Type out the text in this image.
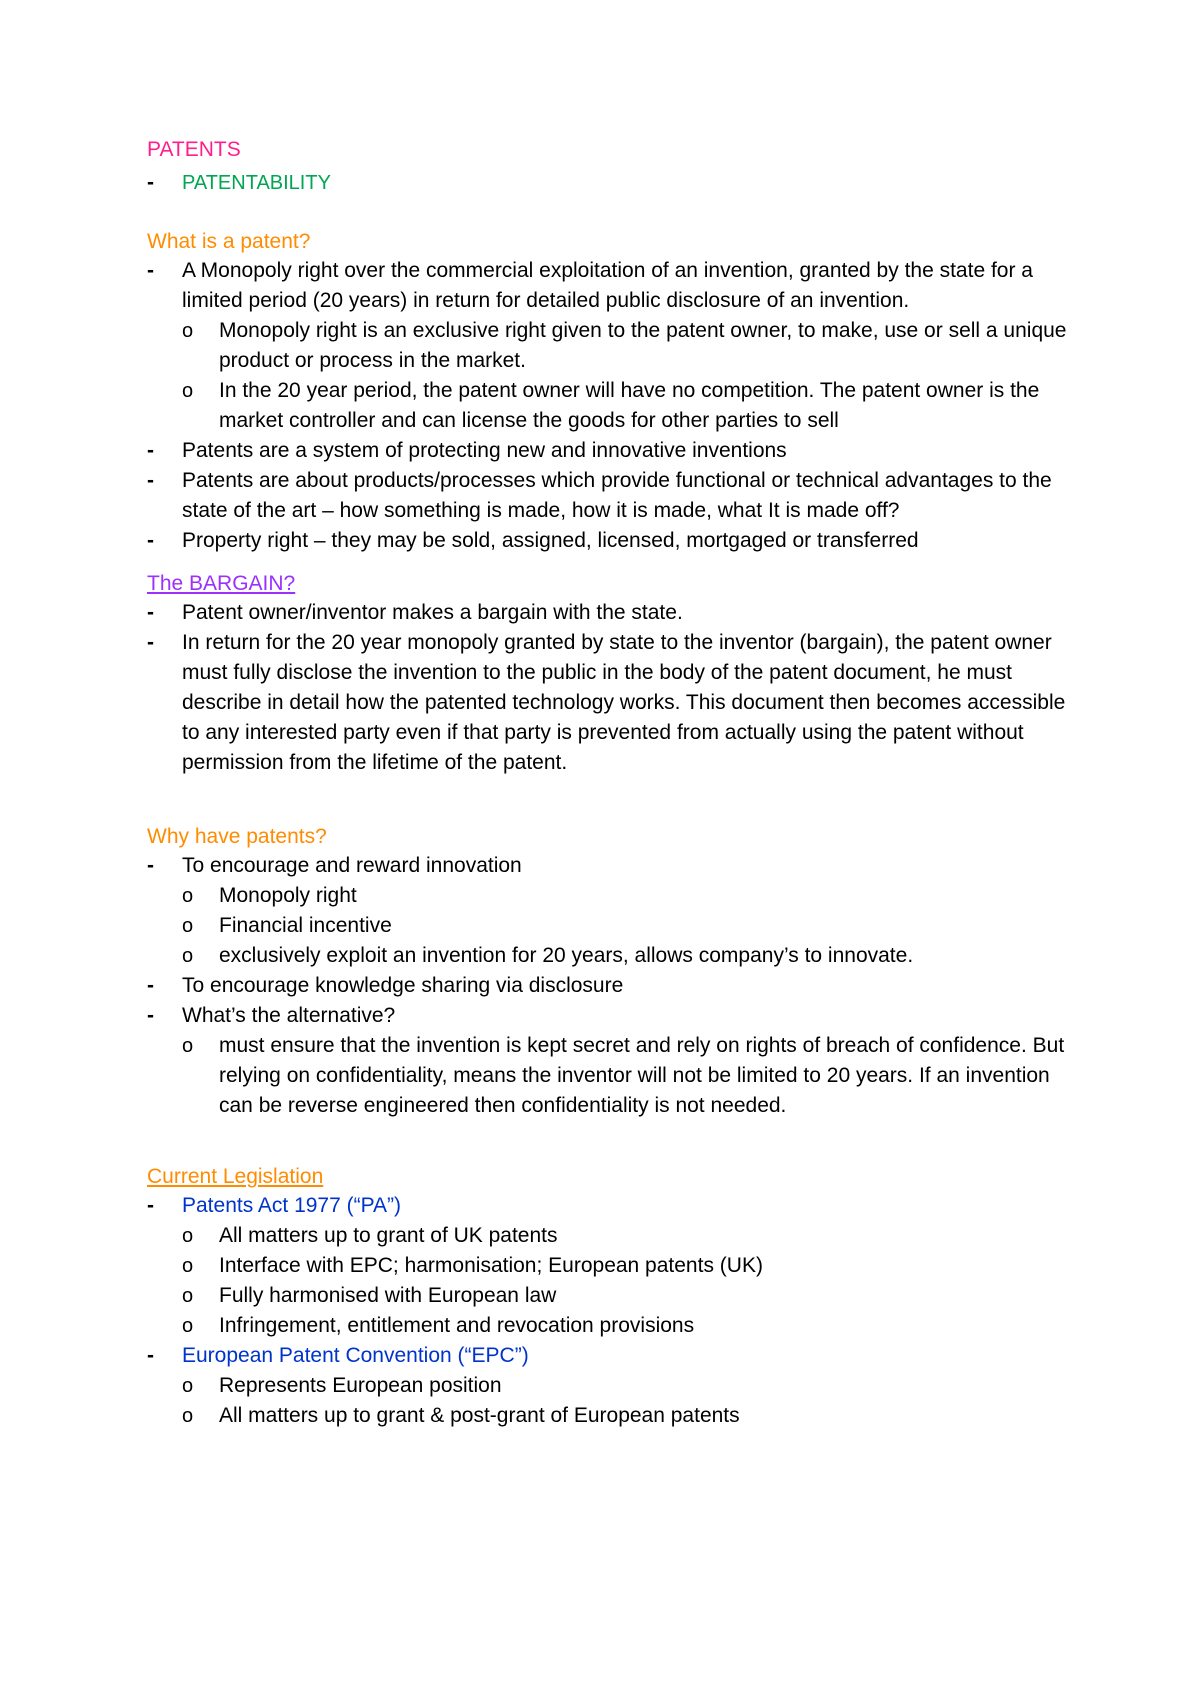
PATENTS
- PATENTABILITY
What is a patent?
- A Monopoly right over the commercial exploitation of an invention, granted by the state for a limited period (20 years) in return for detailed public disclosure of an invention.
o Monopoly right is an exclusive right given to the patent owner, to make, use or sell a unique product or process in the market.
o In the 20 year period, the patent owner will have no competition. The patent owner is the market controller and can license the goods for other parties to sell
- Patents are a system of protecting new and innovative inventions
- Patents are about products/processes which provide functional or technical advantages to the state of the art – how something is made, how it is made, what It is made off?
- Property right – they may be sold, assigned, licensed, mortgaged or transferred
The BARGAIN?
- Patent owner/inventor makes a bargain with the state.
- In return for the 20 year monopoly granted by state to the inventor (bargain), the patent owner must fully disclose the invention to the public in the body of the patent document, he must describe in detail how the patented technology works. This document then becomes accessible to any interested party even if that party is prevented from actually using the patent without permission from the lifetime of the patent.
Why have patents?
- To encourage and reward innovation
o Monopoly right
o Financial incentive
o exclusively exploit an invention for 20 years, allows company’s to innovate.
- To encourage knowledge sharing via disclosure
- What’s the alternative?
o must ensure that the invention is kept secret and rely on rights of breach of confidence. But relying on confidentiality, means the inventor will not be limited to 20 years. If an invention can be reverse engineered then confidentiality is not needed.
Current Legislation
- Patents Act 1977 (“PA”)
o All matters up to grant of UK patents
o Interface with EPC; harmonisation; European patents (UK)
o Fully harmonised with European law
o Infringement, entitlement and revocation provisions
- European Patent Convention (“EPC”)
o Represents European position
o All matters up to grant & post-grant of European patents
